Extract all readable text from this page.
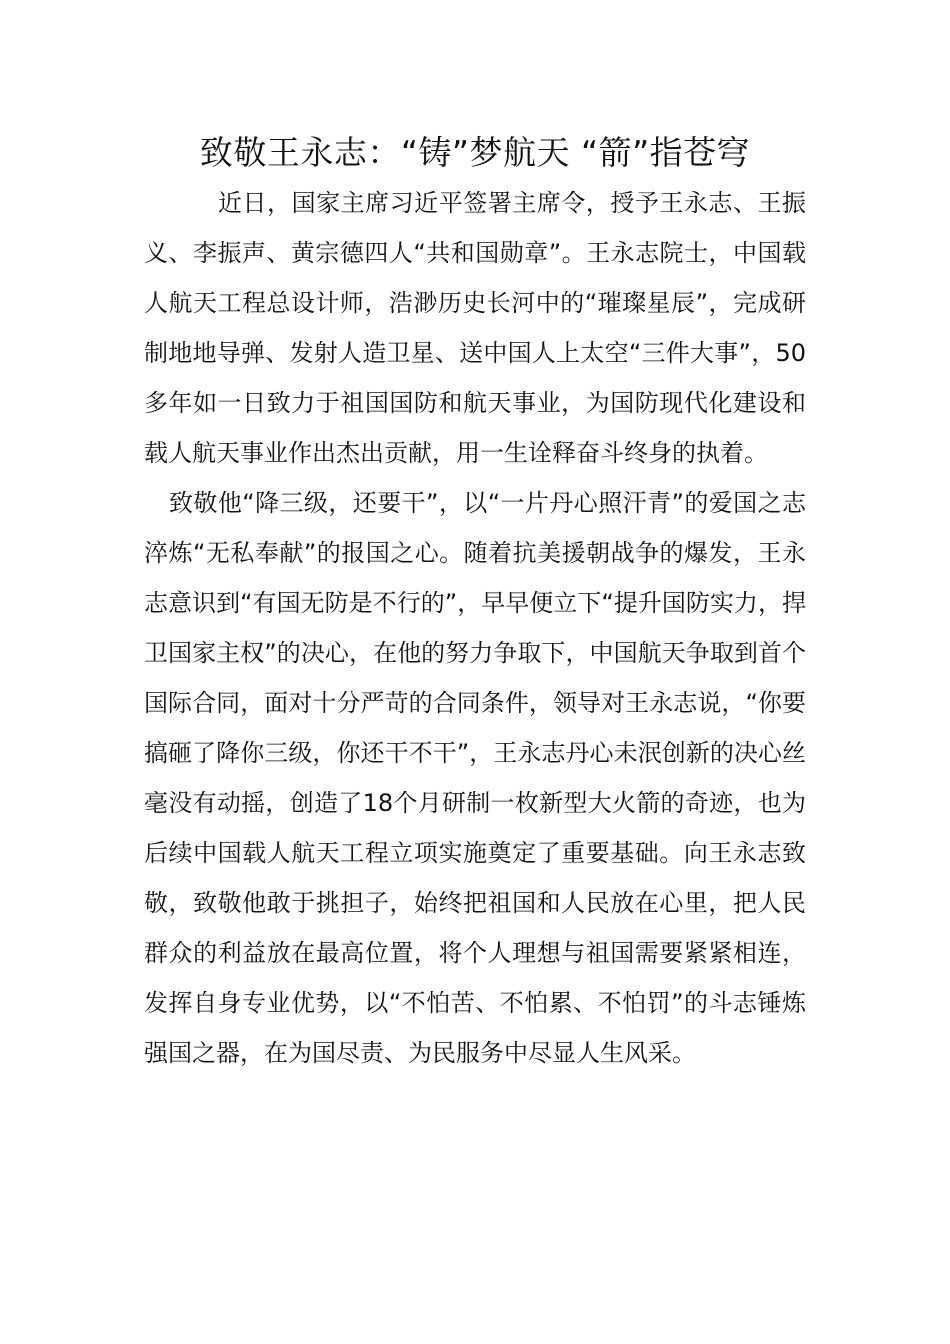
致敬王永志：“铸”梦航天 “箭”指苍穹

近日，国家主席习近平签署主席令，授予王永志、王振义、李振声、黄宗德四人“共和国勋章”。王永志院士，中国载人航天工程总设计师，浩渺历史长河中的“璀璨星辰”，完成研制地地导弹、发射人造卫星、送中国人上太空“三件大事”，50多年如一日致力于祖国国防和航天事业，为国防现代化建设和载人航天事业作出杰出贡献，用一生诠释奋斗终身的执着。

致敬他“降三级，还要干”，以“一片丹心照汗青”的爱国之志淬炼“无私奉献”的报国之心。随着抗美援朝战争的爆发，王永志意识到“有国无防是不行的”，早早便立下“提升国防实力，捍卫国家主权”的决心，在他的努力争取下，中国航天争取到首个国际合同，面对十分严苛的合同条件，领导对王永志说，“你要搞砸了降你三级，你还干不干”，王永志丹心未泯创新的决心丝毫没有动摇，创造了18个月研制一枚新型大火箭的奇迹，也为后续中国载人航天工程立项实施奠定了重要基础。向王永志致敬，致敬他敢于挑担子，始终把祖国和人民放在心里，把人民群众的利益放在最高位置，将个人理想与祖国需要紧紧相连，发挥自身专业优势，以“不怕苦、不怕累、不怕罚”的斗志锤炼强国之器，在为国尽责、为民服务中尽显人生风采。
